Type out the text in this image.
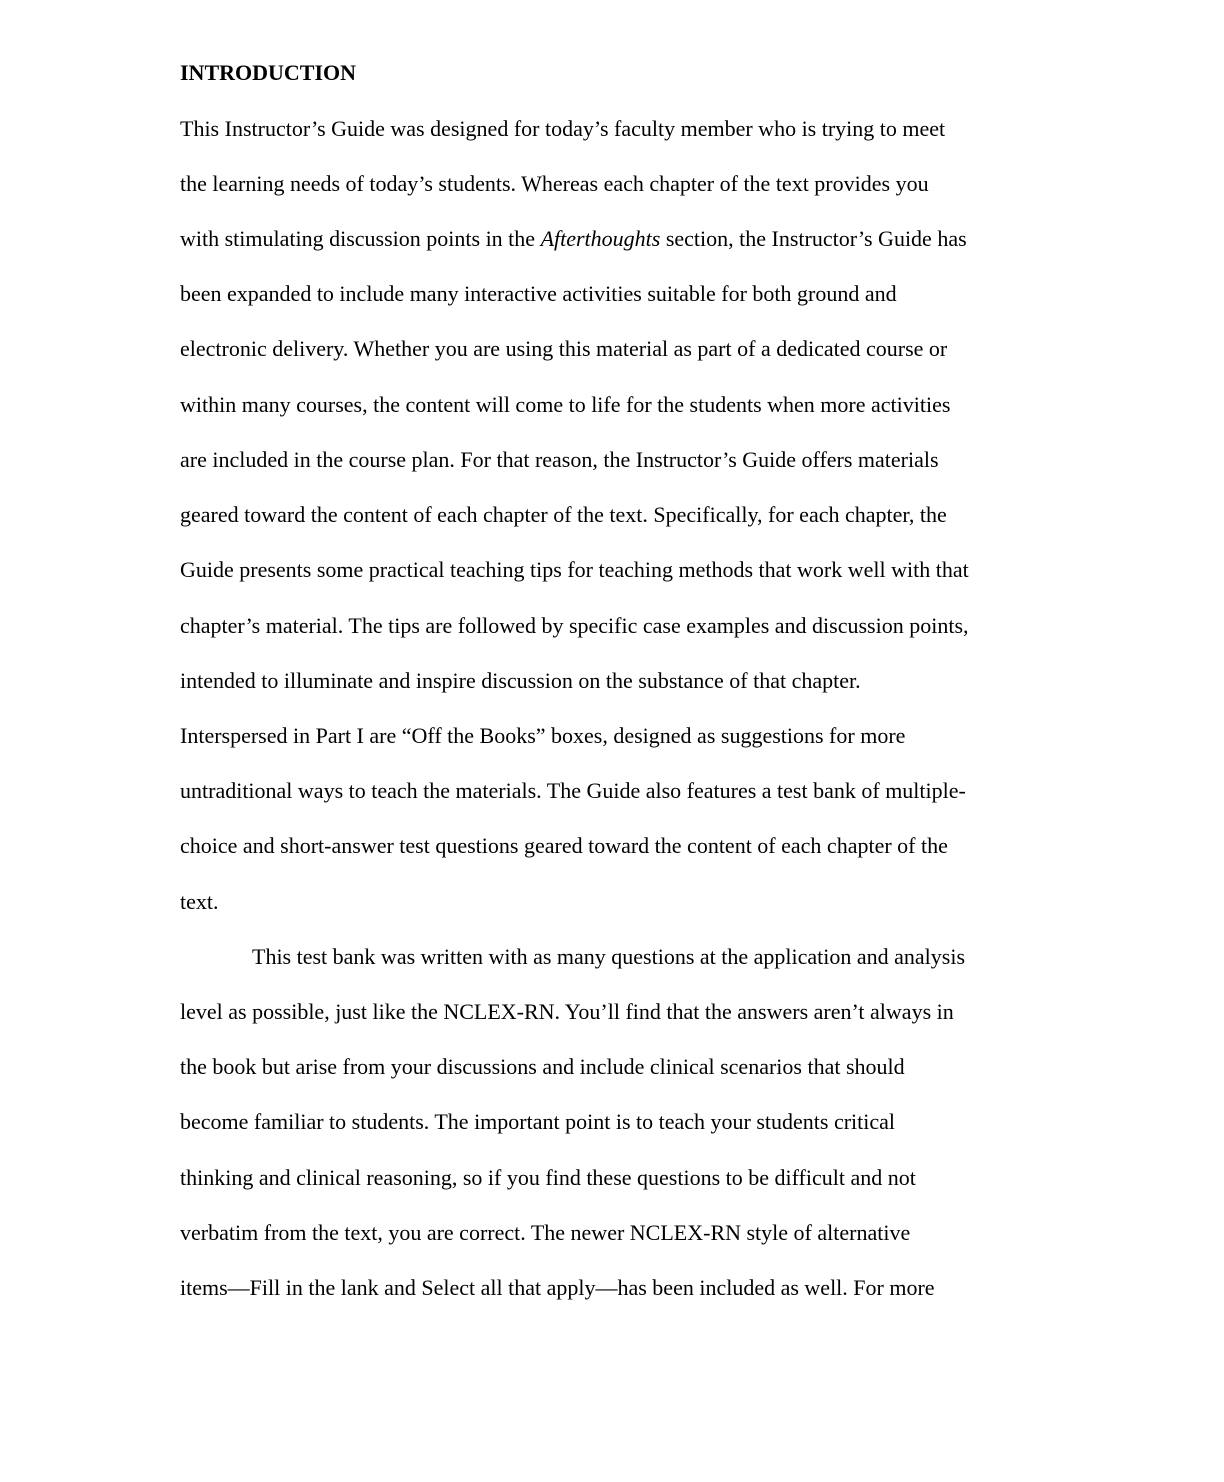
INTRODUCTION
This Instructor’s Guide was designed for today’s faculty member who is trying to meet
the learning needs of today’s students. Whereas each chapter of the text provides you
with stimulating discussion points in the Afterthoughts section, the Instructor’s Guide has
been expanded to include many interactive activities suitable for both ground and
electronic delivery. Whether you are using this material as part of a dedicated course or
within many courses, the content will come to life for the students when more activities
are included in the course plan. For that reason, the Instructor’s Guide offers materials
geared toward the content of each chapter of the text. Specifically, for each chapter, the
Guide presents some practical teaching tips for teaching methods that work well with that
chapter’s material. The tips are followed by specific case examples and discussion points,
intended to illuminate and inspire discussion on the substance of that chapter.
Interspersed in Part I are “Off the Books” boxes, designed as suggestions for more
untraditional ways to teach the materials. The Guide also features a test bank of multiple-
choice and short-answer test questions geared toward the content of each chapter of the
text.
This test bank was written with as many questions at the application and analysis
level as possible, just like the NCLEX-RN. You’ll find that the answers aren’t always in
the book but arise from your discussions and include clinical scenarios that should
become familiar to students. The important point is to teach your students critical
thinking and clinical reasoning, so if you find these questions to be difficult and not
verbatim from the text, you are correct. The newer NCLEX-RN style of alternative
items—Fill in the lank and Select all that apply—has been included as well. For more
